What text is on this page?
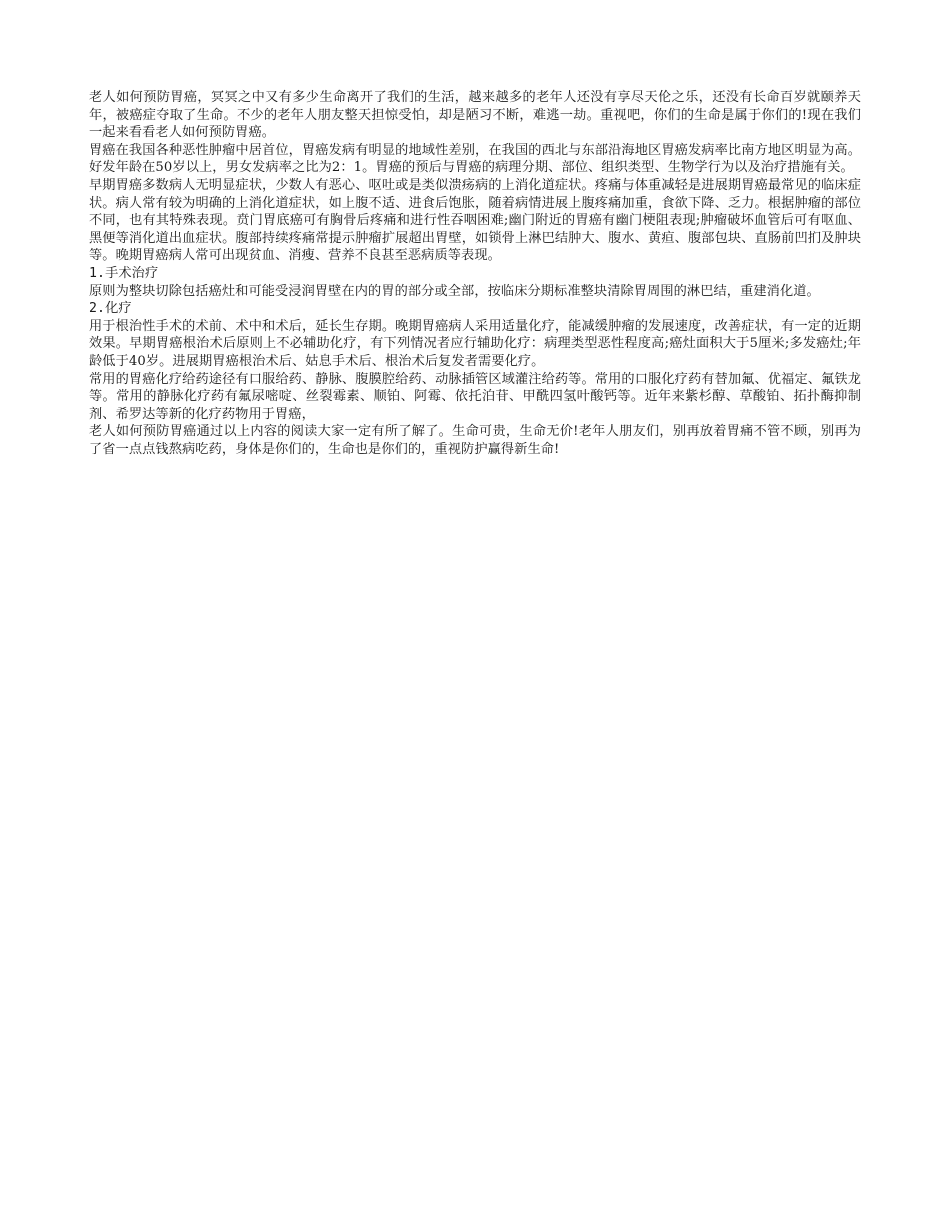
老人如何预防胃癌，冥冥之中又有多少生命离开了我们的生活，越来越多的老年人还没有享尽天伦之乐，还没有长命百岁就颐养天年，被癌症夺取了生命。不少的老年人朋友整天担惊受怕，却是陋习不断，难逃一劫。重视吧，你们的生命是属于你们的!现在我们一起来看看老人如何预防胃癌。

胃癌在我国各种恶性肿瘤中居首位，胃癌发病有明显的地域性差别，在我国的西北与东部沿海地区胃癌发病率比南方地区明显为高。好发年龄在50岁以上，男女发病率之比为2：1。胃癌的预后与胃癌的病理分期、部位、组织类型、生物学行为以及治疗措施有关。

早期胃癌多数病人无明显症状，少数人有恶心、呕吐或是类似溃疡病的上消化道症状。疼痛与体重减轻是进展期胃癌最常见的临床症状。病人常有较为明确的上消化道症状，如上腹不适、进食后饱胀，随着病情进展上腹疼痛加重，食欲下降、乏力。根据肿瘤的部位不同，也有其特殊表现。贲门胃底癌可有胸骨后疼痛和进行性吞咽困难;幽门附近的胃癌有幽门梗阻表现;肿瘤破坏血管后可有呕血、黑便等消化道出血症状。腹部持续疼痛常提示肿瘤扩展超出胃壁，如锁骨上淋巴结肿大、腹水、黄疸、腹部包块、直肠前凹扪及肿块等。晚期胃癌病人常可出现贫血、消瘦、营养不良甚至恶病质等表现。

1.手术治疗

原则为整块切除包括癌灶和可能受浸润胃壁在内的胃的部分或全部，按临床分期标准整块清除胃周围的淋巴结，重建消化道。

2.化疗

用于根治性手术的术前、术中和术后，延长生存期。晚期胃癌病人采用适量化疗，能减缓肿瘤的发展速度，改善症状，有一定的近期效果。早期胃癌根治术后原则上不必辅助化疗，有下列情况者应行辅助化疗：病理类型恶性程度高;癌灶面积大于5厘米;多发癌灶;年龄低于40岁。进展期胃癌根治术后、姑息手术后、根治术后复发者需要化疗。

常用的胃癌化疗给药途径有口服给药、静脉、腹膜腔给药、动脉插管区域灌注给药等。常用的口服化疗药有替加氟、优福定、氟铁龙等。常用的静脉化疗药有氟尿嘧啶、丝裂霉素、顺铂、阿霉、依托泊苷、甲酰四氢叶酸钙等。近年来紫杉醇、草酸铂、拓扑酶抑制剂、希罗达等新的化疗药物用于胃癌，

老人如何预防胃癌通过以上内容的阅读大家一定有所了解了。生命可贵，生命无价!老年人朋友们，别再放着胃痛不管不顾，别再为了省一点点钱熬病吃药，身体是你们的，生命也是你们的，重视防护赢得新生命!
